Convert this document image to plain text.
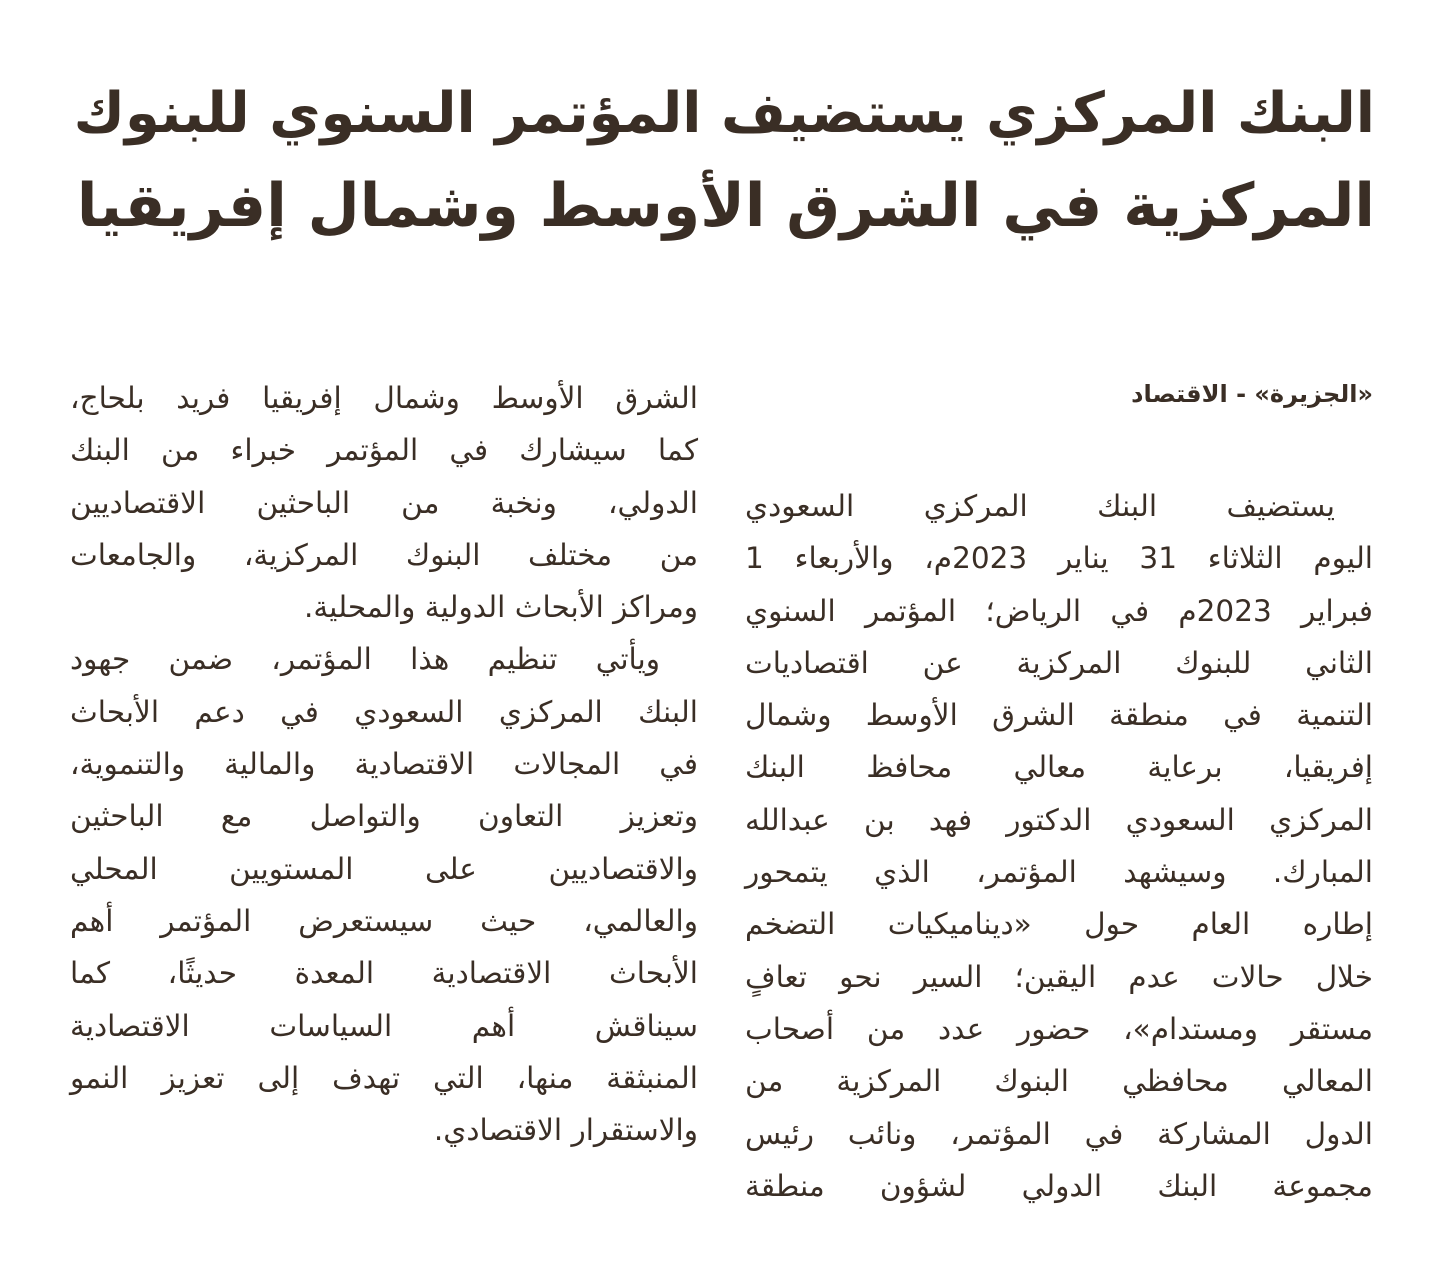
البنك المركزي يستضيف المؤتمر السنوي للبنوك
المركزية في الشرق الأوسط وشمال إفريقيا
«الجزيرة» - الاقتصاد
يستضيف البنك المركزي السعودي
اليوم الثلاثاء 31 يناير 2023م، والأربعاء 1
فبراير 2023م في الرياض؛ المؤتمر السنوي
الثاني للبنوك المركزية عن اقتصاديات
التنمية في منطقة الشرق الأوسط وشمال
إفريقيا، برعاية معالي محافظ البنك
المركزي السعودي الدكتور فهد بن عبدالله
المبارك. وسيشهد المؤتمر، الذي يتمحور
إطاره العام حول «ديناميكيات التضخم
خلال حالات عدم اليقين؛ السير نحو تعافٍ
مستقر ومستدام»، حضور عدد من أصحاب
المعالي محافظي البنوك المركزية من
الدول المشاركة في المؤتمر، ونائب رئيس
مجموعة البنك الدولي لشؤون منطقة
الشرق الأوسط وشمال إفريقيا فريد بلحاج،
كما سيشارك في المؤتمر خبراء من البنك
الدولي، ونخبة من الباحثين الاقتصاديين
من مختلف البنوك المركزية، والجامعات
ومراكز الأبحاث الدولية والمحلية.
ويأتي تنظيم هذا المؤتمر، ضمن جهود
البنك المركزي السعودي في دعم الأبحاث
في المجالات الاقتصادية والمالية والتنموية،
وتعزيز التعاون والتواصل مع الباحثين
والاقتصاديين على المستويين المحلي
والعالمي، حيث سيستعرض المؤتمر أهم
الأبحاث الاقتصادية المعدة حديثًا، كما
سيناقش أهم السياسات الاقتصادية
المنبثقة منها، التي تهدف إلى تعزيز النمو
والاستقرار الاقتصادي.
